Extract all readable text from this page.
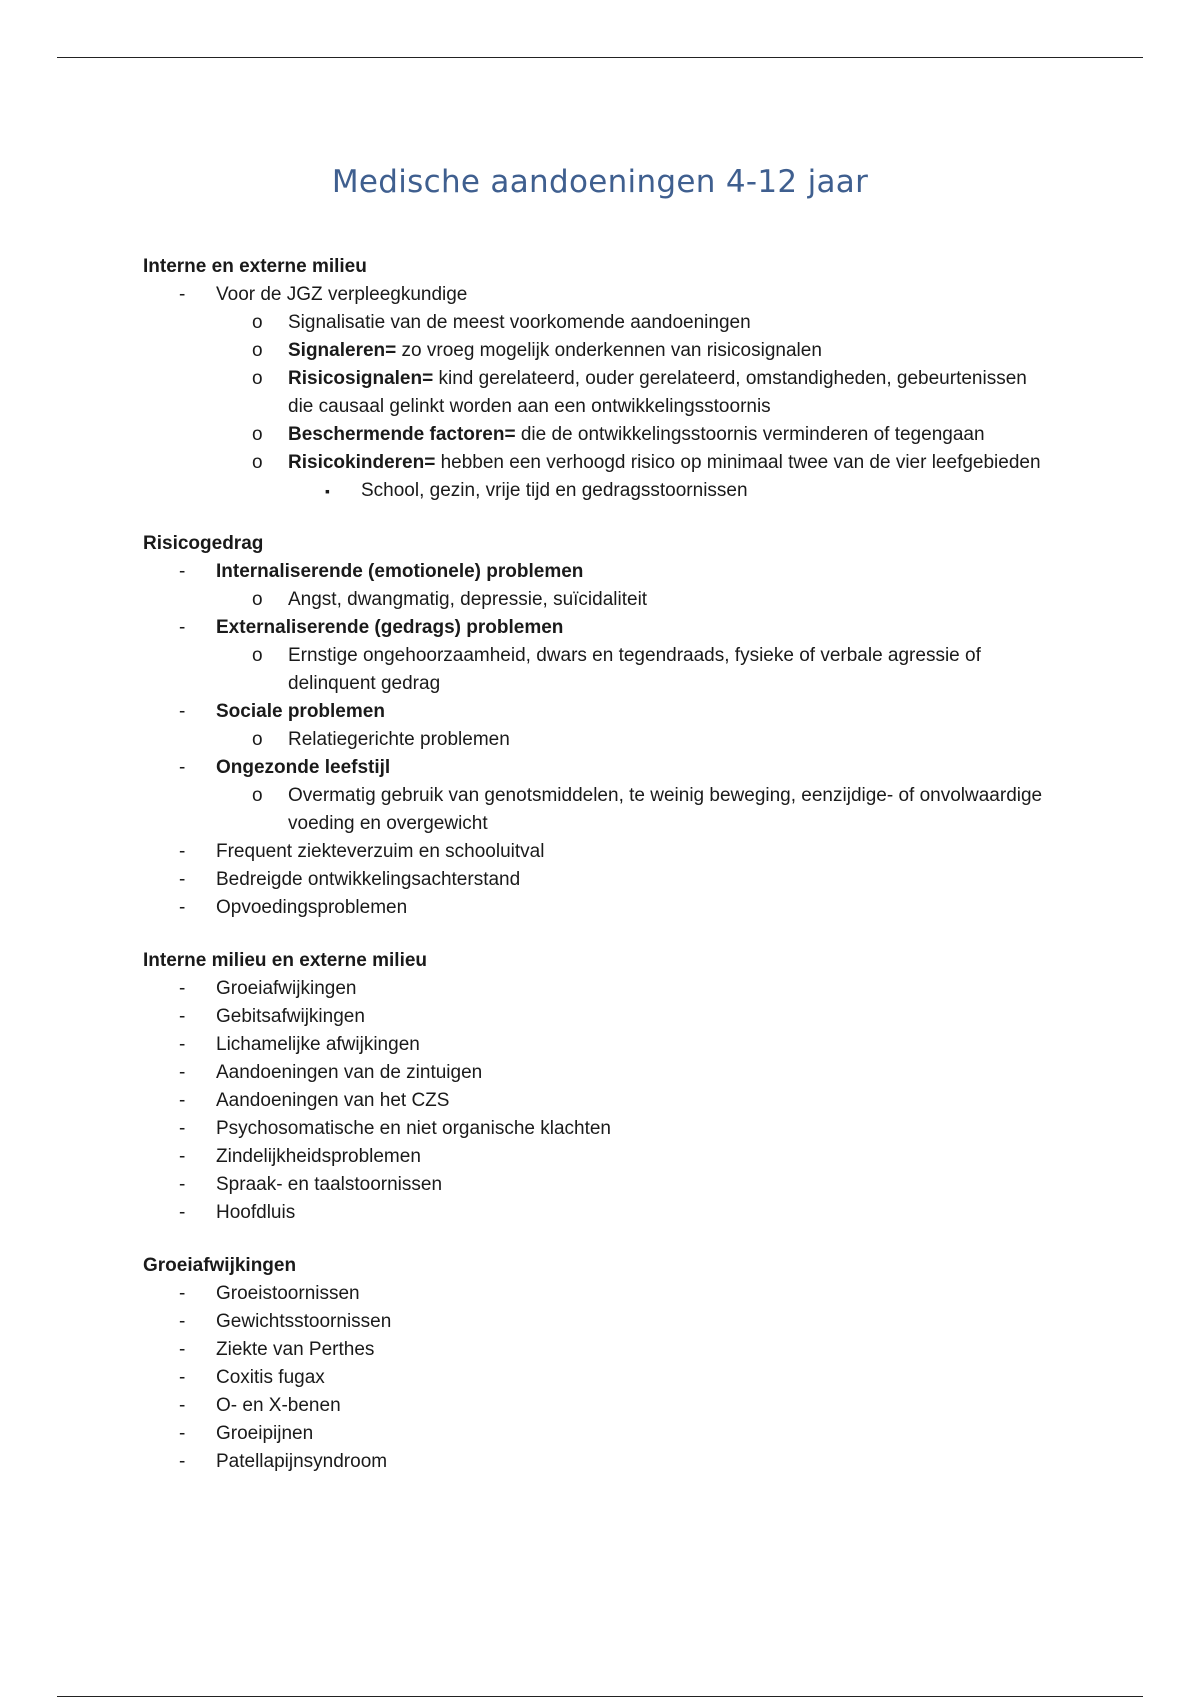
Medische aandoeningen 4-12 jaar
Interne en externe milieu
-
Voor de JGZ verpleegkundige
o
Signalisatie van de meest voorkomende aandoeningen
o
Signaleren= zo vroeg mogelijk onderkennen van risicosignalen
o
Risicosignalen= kind gerelateerd, ouder gerelateerd, omstandigheden, gebeurtenissen die causaal gelinkt worden aan een ontwikkelingsstoornis
o
Beschermende factoren= die de ontwikkelingsstoornis verminderen of tegengaan
o
Risicokinderen= hebben een verhoogd risico op minimaal twee van de vier leefgebieden
▪
School, gezin, vrije tijd en gedragsstoornissen
Risicogedrag
-
Internaliserende (emotionele) problemen
o
Angst, dwangmatig, depressie, suïcidaliteit
-
Externaliserende (gedrags) problemen
o
Ernstige ongehoorzaamheid, dwars en tegendraads, fysieke of verbale agressie of delinquent gedrag
-
Sociale problemen
o
Relatiegerichte problemen
-
Ongezonde leefstijl
o
Overmatig gebruik van genotsmiddelen, te weinig beweging, eenzijdige- of onvolwaardige voeding en overgewicht
-
Frequent ziekteverzuim en schooluitval
-
Bedreigde ontwikkelingsachterstand
-
Opvoedingsproblemen
Interne milieu en externe milieu
-
Groeiafwijkingen
-
Gebitsafwijkingen
-
Lichamelijke afwijkingen
-
Aandoeningen van de zintuigen
-
Aandoeningen van het CZS
-
Psychosomatische en niet organische klachten
-
Zindelijkheidsproblemen
-
Spraak- en taalstoornissen
-
Hoofdluis
Groeiafwijkingen
-
Groeistoornissen
-
Gewichtsstoornissen
-
Ziekte van Perthes
-
Coxitis fugax
-
O- en X-benen
-
Groeipijnen
-
Patellapijnsyndroom
